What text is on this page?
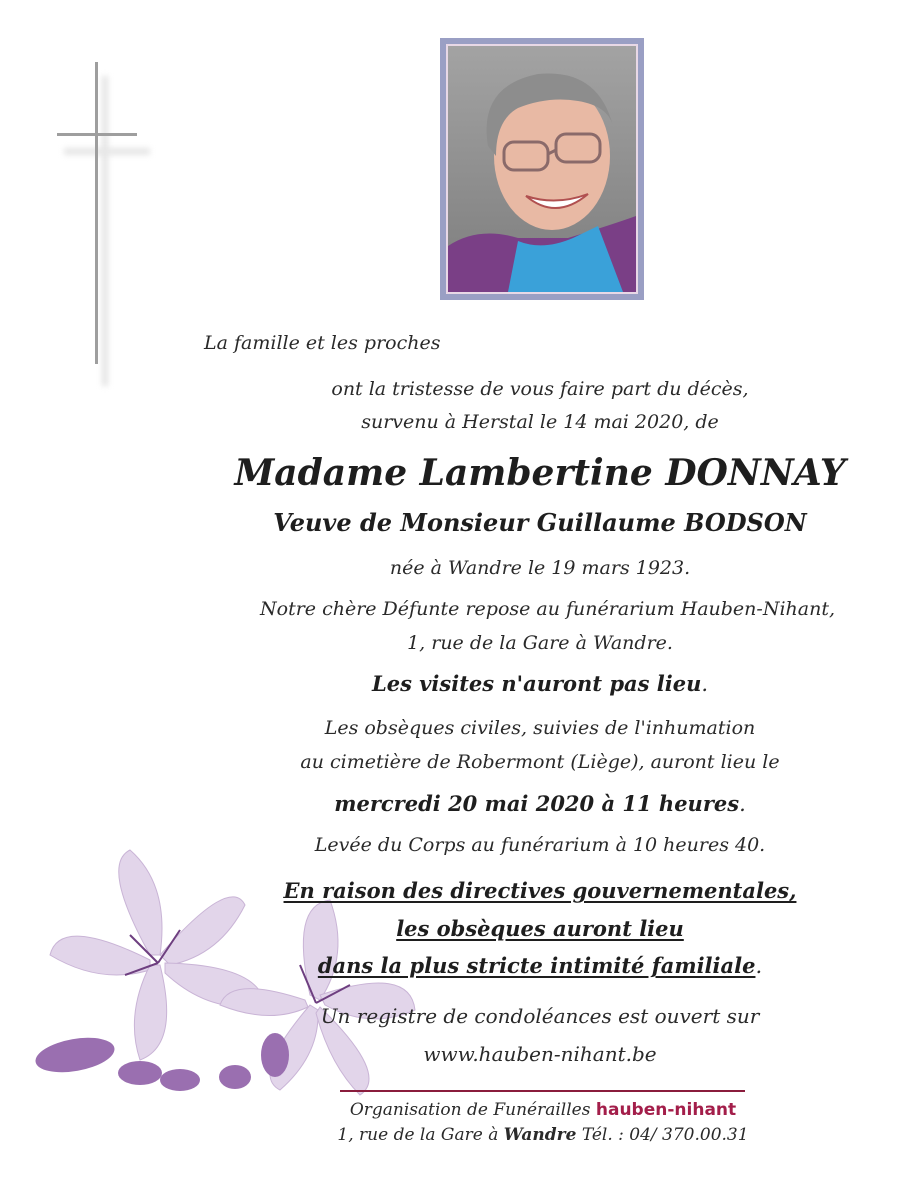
La famille et les proches
ont la tristesse de vous faire part du décès,
survenu à Herstal le 14 mai 2020, de
Madame Lambertine DONNAY
Veuve de Monsieur Guillaume BODSON
née à Wandre le 19 mars 1923.
Notre chère Défunte repose au funérarium Hauben-Nihant,
1, rue de la Gare à Wandre.
Les visites n'auront pas lieu.
Les obsèques civiles, suivies de l'inhumation
au cimetière de Robermont (Liège), auront lieu le
mercredi 20 mai 2020 à 11 heures.
Levée du Corps au funérarium à 10 heures 40.
En raison des directives gouvernementales,
les obsèques auront lieu
dans la plus stricte intimité familiale.
Un registre de condoléances est ouvert sur
www.hauben-nihant.be
Organisation de Funérailles hauben-nihant
1, rue de la Gare à Wandre Tél. : 04/ 370.00.31
